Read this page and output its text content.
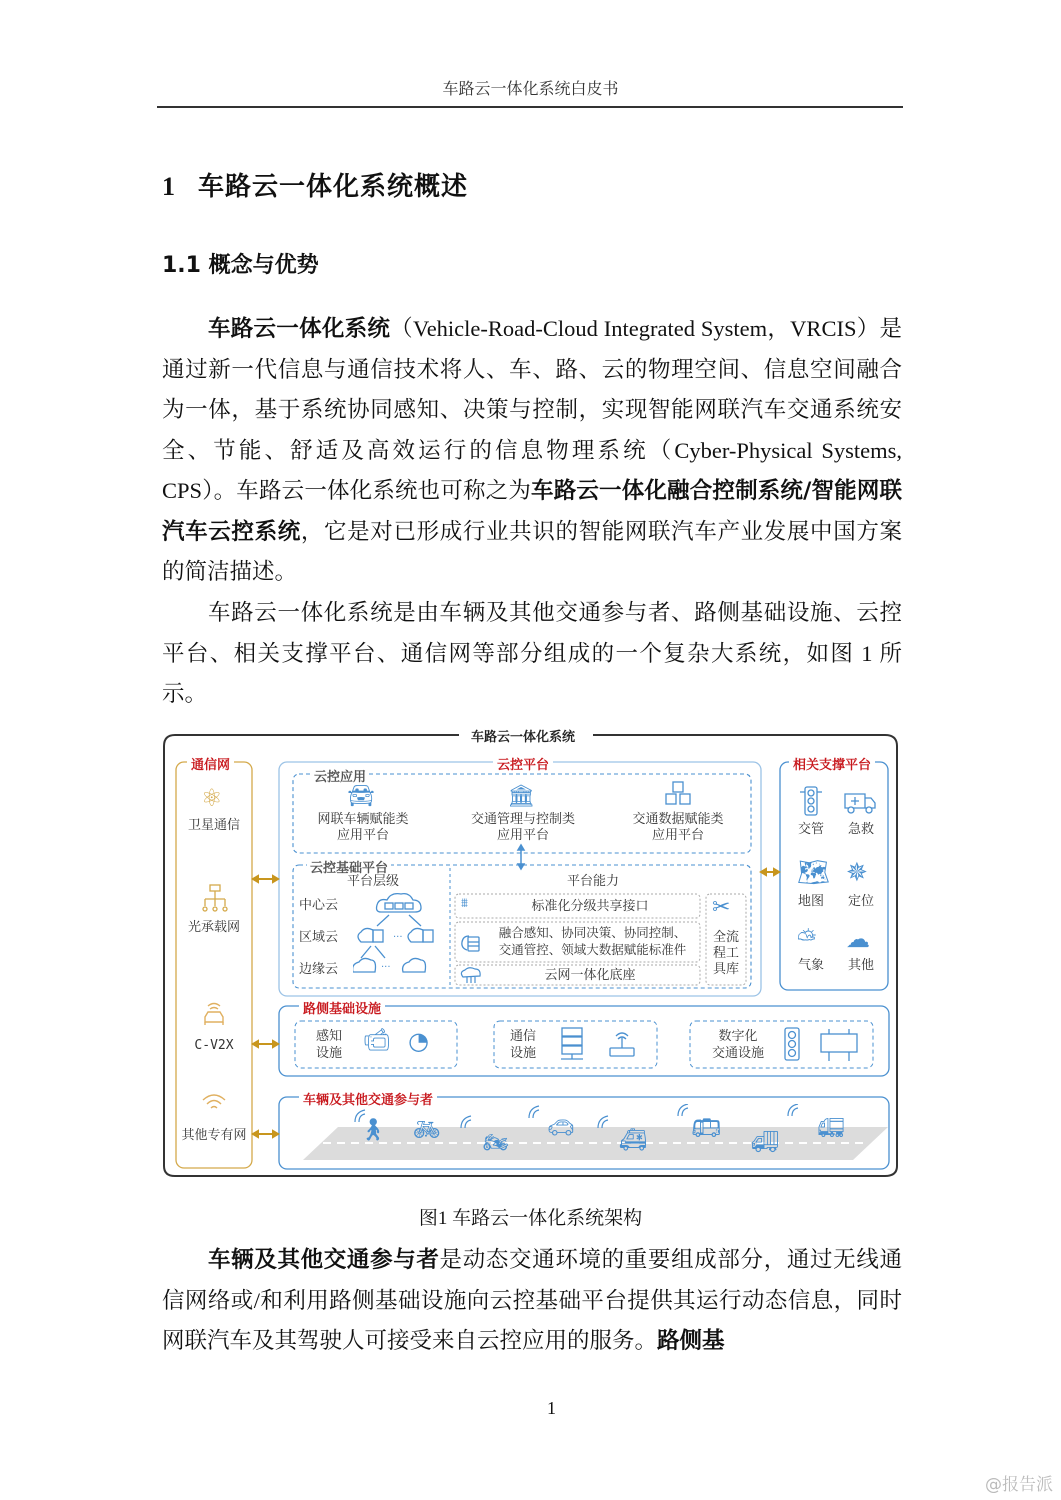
车路云一体化系统白皮书
1 车路云一体化系统概述
1.1 概念与优势
车路云一体化系统（Vehicle-Road-Cloud Integrated System，VRCIS）是通过新一代信息与通信技术将人、车、路、云的物理空间、信息空间融合为一体，基于系统协同感知、决策与控制，实现智能网联汽车交通系统安全、节能、舒适及高效运行的信息物理系统（Cyber-Physical Systems, CPS）。车路云一体化系统也可称之为车路云一体化融合控制系统/智能网联汽车云控系统，它是对已形成行业共识的智能网联汽车产业发展中国方案的简洁描述。
车路云一体化系统是由车辆及其他交通参与者、路侧基础设施、云控平台、相关支撑平台、通信网等部分组成的一个复杂大系统，如图 1 所示。
车路云一体化系统
通信网
⚛
卫星通信
光承载网
C-V2X
其他专有网
云控平台
云控应用
🚘︎
网联车辆赋能类
应用平台
🏛︎
交通管理与控制类
应用平台
交通数据赋能类
应用平台
云控基础平台
平台层级
中心云
区域云
边缘云
···
···
平台能力
⩩	标准化分级共享接口
融合感知、协同决策、协同控制、
交通管控、领域大数据赋能标准件
云网一体化底座
✂
全流
程工
具库
相关支撑平台
交管	急救
🗺︎
地图
✵
定位
⛅︎
气象
☁︎
其他
路侧基础设施
感知
设施
📹︎ ◔	通信
设施
数字化
交通设施
车辆及其他交通参与者
🚶︎ 🚲︎ 🏍︎
🚗︎ 🚑︎ 🚌︎
🚚︎
🚛︎
图1 车路云一体化系统架构
车辆及其他交通参与者是动态交通环境的重要组成部分，通过无线通信网络或/和利用路侧基础设施向云控基础平台提供其运行动态信息，同时网联汽车及其驾驶人可接受来自云控应用的服务。路侧基
1
@报告派
